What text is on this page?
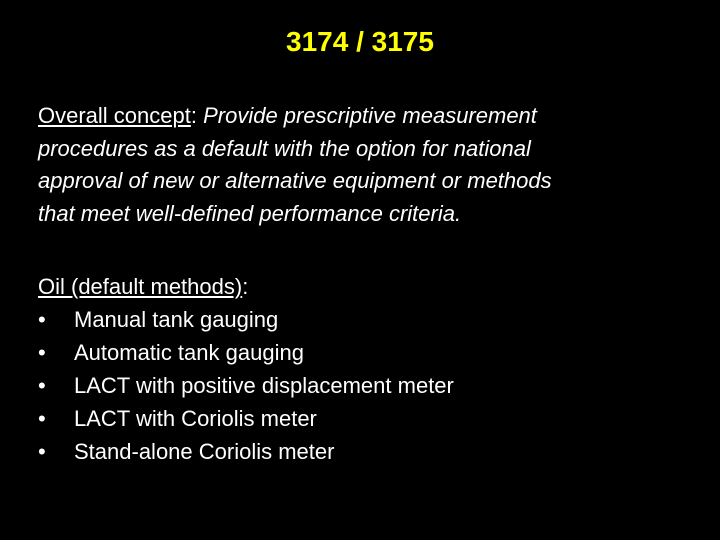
3174 / 3175
Overall concept: Provide prescriptive measurement
procedures as a default with the option for national
approval of new or alternative equipment or methods
that meet well-defined performance criteria.
Oil (default methods):
•	Manual tank gauging
•	Automatic tank gauging
•	LACT with positive displacement meter
•	LACT with Coriolis meter
•	Stand-alone Coriolis meter
